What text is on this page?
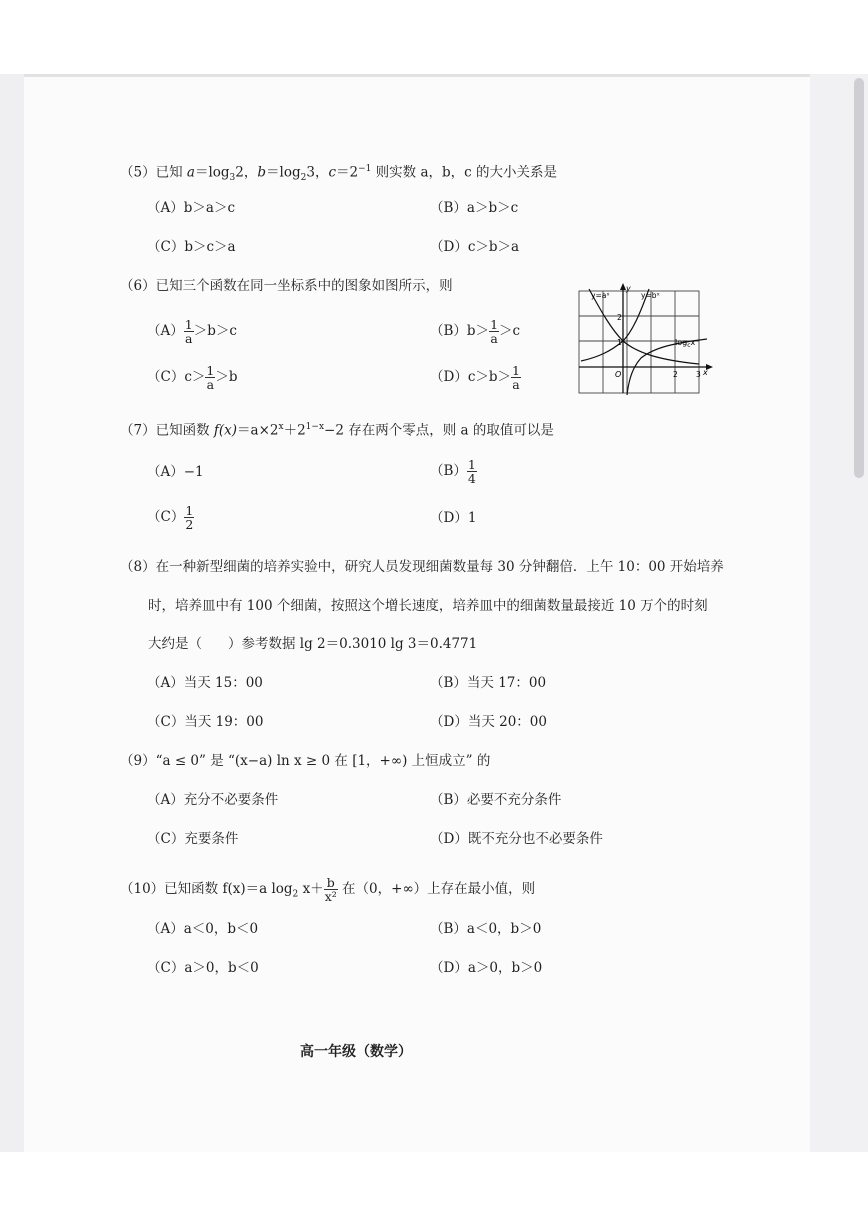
（5）已知 $a=\log_32$，$b=\log_23$，$c=2^{-1}$ 则实数 a，b，c 的大小关系是
（A）b＞a＞c	（B）a＞b＞c
（C）b＞c＞a	（D）c＞b＞a
（6）已知三个函数在同一坐标系中的图象如图所示，则
$(A) \frac{1}{a} >b>c$	$(B)b> \frac{1}{a} >c$
$(C)c> \frac{1}{a} >b$	$(D)c>b> \frac{1}{a}$
y=aˣ	y=bˣ
$\log_cx$
y
x
O
2
1
2 3
（7）已知函数 $f(x)=a\times 2^x+2^{1-x}-2$ 存在两个零点，则 a 的取值可以是
（A）−1	$(B) \frac{1}{4}$
$(C) \frac{1}{2}$	（D）1
（8）在一种新型细菌的培养实验中，研究人员发现细菌数量每 30 分钟翻倍．上午 10：00 开始培养
时，培养皿中有 100 个细菌，按照这个增长速度，培养皿中的细菌数量最接近 10 万个的时刻
大约是（ ）参考数据 lg 2＝0.3010 lg 3＝0.4771
（A）当天 15：00	（B）当天 17：00
（C）当天 19：00	（D）当天 20：00
（9）“a ≤ 0” 是 “(x−a) ln x ≥ 0 在 [1，+∞) 上恒成立” 的
（A）充分不必要条件	（B）必要不充分条件
（C）充要条件	（D）既不充分也不必要条件
（10）已知函数 f(x)＝a $\log_2 x+ \frac{b}{\text{x²}}$ 在（0，+∞）上存在最小值，则
（A）a＜0，b＜0	（B）a＜0，b＞0
（C）a＞0，b＜0	（D）a＞0，b＞0
高一年级（数学）
